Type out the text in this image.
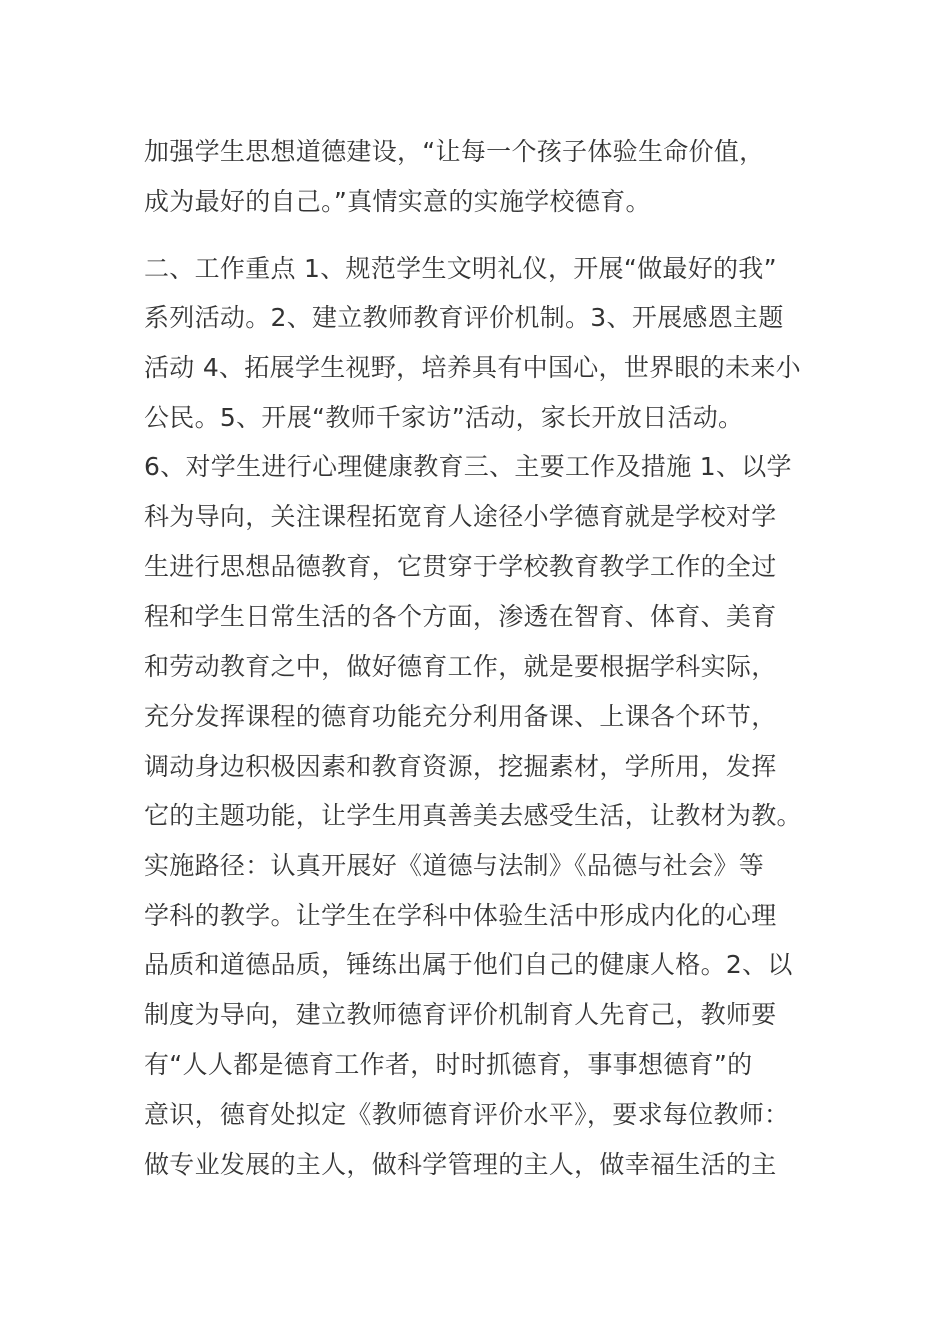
加强学生思想道德建设，“让每一个孩子体验生命价值，
成为最好的自己。”真情实意的实施学校德育。
二、工作重点 1、规范学生文明礼仪，开展“做最好的我”
系列活动。2、建立教师教育评价机制。3、开展感恩主题
活动 4、拓展学生视野，培养具有中国心，世界眼的未来小
公民。5、开展“教师千家访”活动，家长开放日活动。
6、对学生进行心理健康教育三、主要工作及措施 1、以学
科为导向，关注课程拓宽育人途径小学德育就是学校对学
生进行思想品德教育，它贯穿于学校教育教学工作的全过
程和学生日常生活的各个方面，渗透在智育、体育、美育
和劳动教育之中，做好德育工作，就是要根据学科实际，
充分发挥课程的德育功能充分利用备课、上课各个环节，
调动身边积极因素和教育资源，挖掘素材，学所用，发挥
它的主题功能，让学生用真善美去感受生活，让教材为教。
实施路径：认真开展好《道德与法制》《品德与社会》等
学科的教学。让学生在学科中体验生活中形成内化的心理
品质和道德品质，锤练出属于他们自己的健康人格。2、以
制度为导向，建立教师德育评价机制育人先育己，教师要
有“人人都是德育工作者，时时抓德育，事事想德育”的
意识，德育处拟定《教师德育评价水平》，要求每位教师：
做专业发展的主人，做科学管理的主人，做幸福生活的主
